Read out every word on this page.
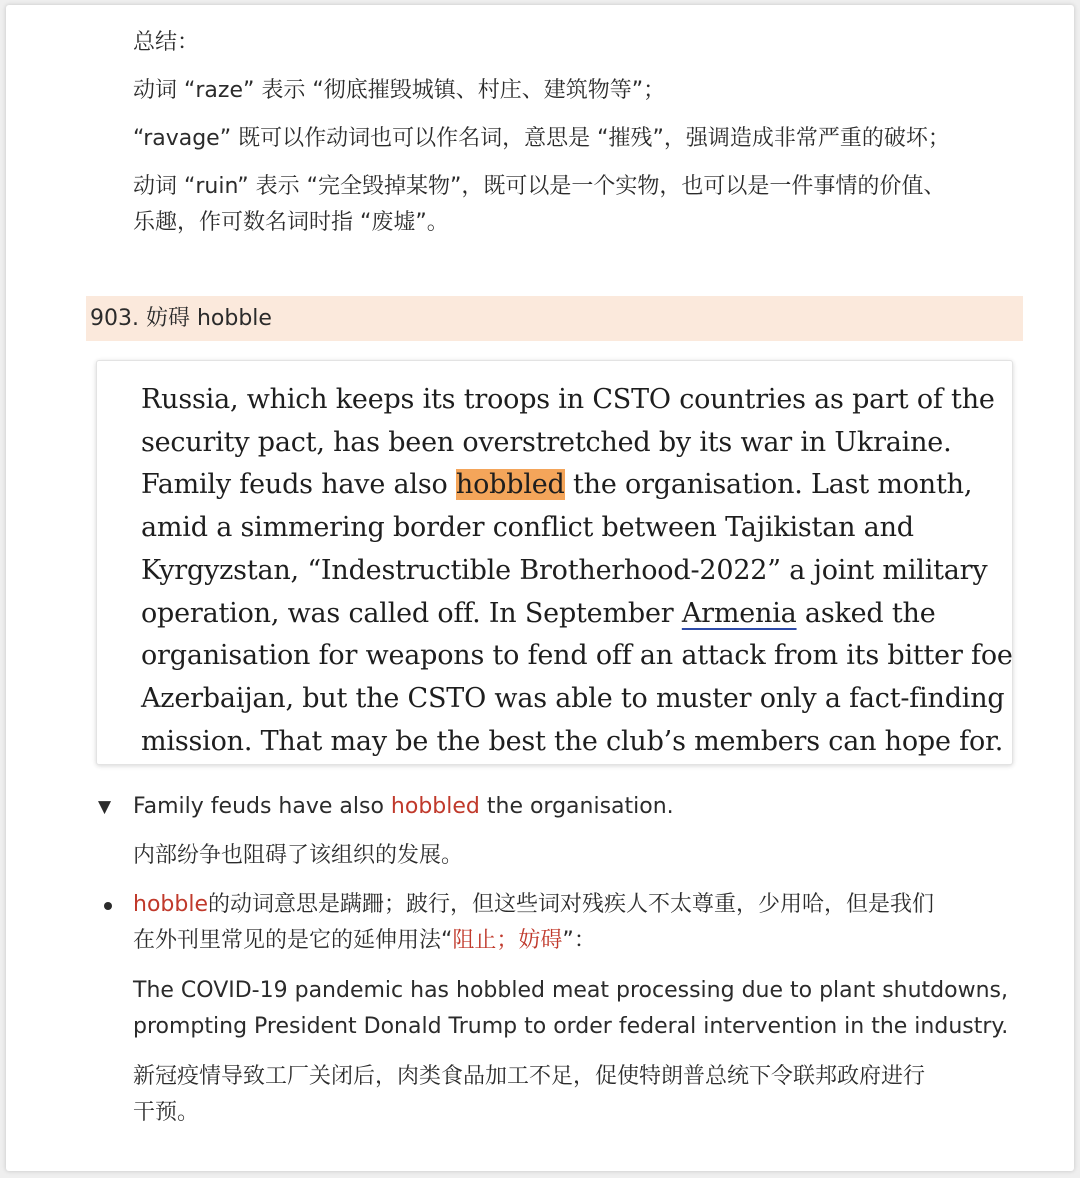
总结：

动词 “raze” 表示 “彻底摧毁城镇、村庄、建筑物等”；

“ravage” 既可以作动词也可以作名词，意思是 “摧残”，强调造成非常严重的破坏；

动词 “ruin” 表示 “完全毁掉某物”，既可以是一个实物，也可以是一件事情的价值、

乐趣，作可数名词时指 “废墟”。

903. 妨碍 hobble
Russia, which keeps its troops in CSTO countries as part of the security pact, has been overstretched by its war in Ukraine. Family feuds have also hobbled the organisation. Last month, amid a simmering border conflict between Tajikistan and Kyrgyzstan, “Indestructible Brotherhood-2022” a joint military operation, was called off. In September Armenia asked the organisation for weapons to fend off an attack from its bitter foe Azerbaijan, but the CSTO was able to muster only a fact-finding mission. That may be the best the club’s members can hope for.
▼ Family feuds have also hobbled the organisation.
内部纷争也阻碍了该组织的发展。
hobble的动词意思是蹒跚；跛行，但这些词对残疾人不太尊重，少用哈，但是我们
在外刊里常见的是它的延伸用法“阻止；妨碍”：
The COVID-19 pandemic has hobbled meat processing due to plant shutdowns,
prompting President Donald Trump to order federal intervention in the industry.
新冠疫情导致工厂关闭后，肉类食品加工不足，促使特朗普总统下令联邦政府进行
干预。
